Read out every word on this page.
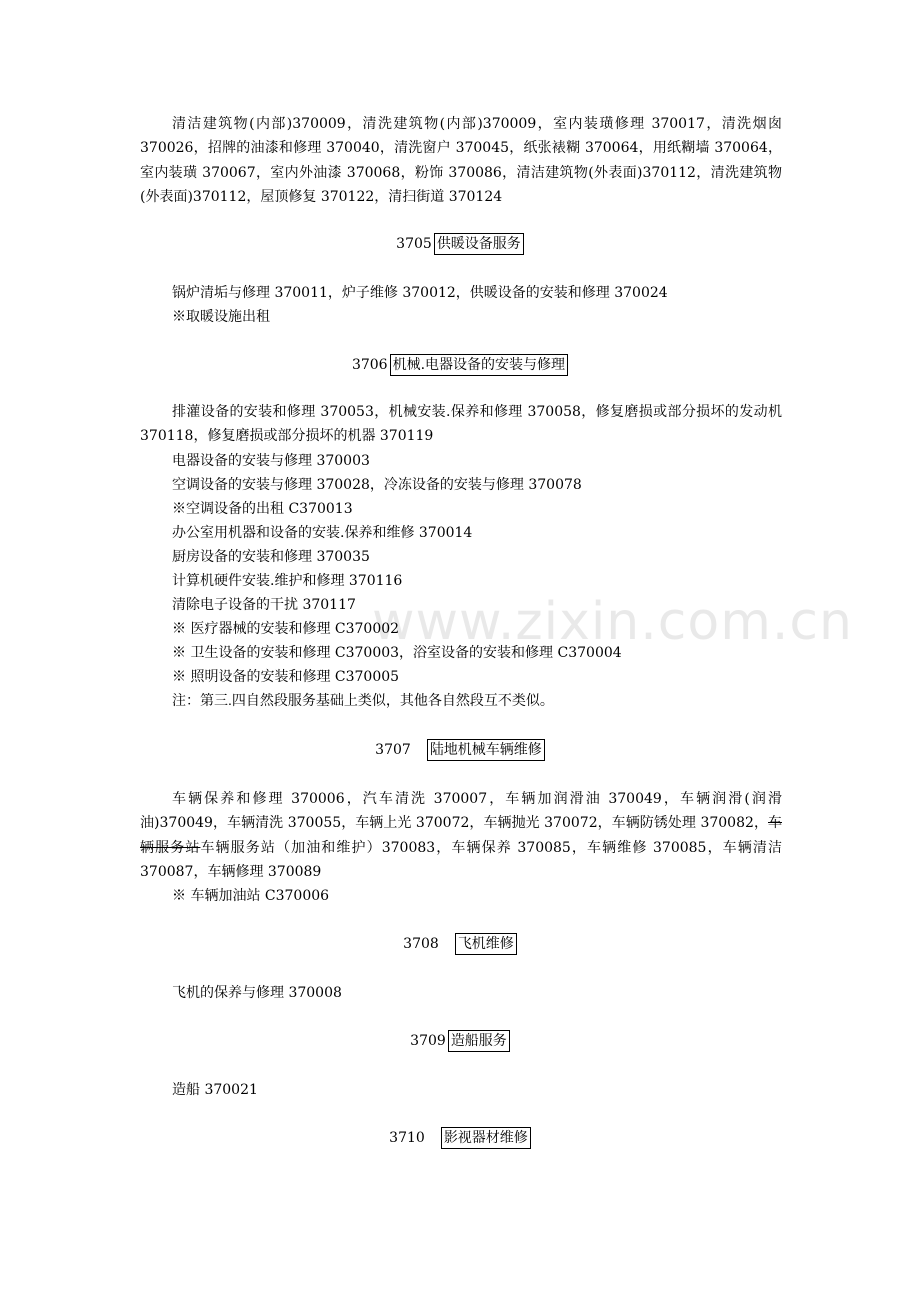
www.zixin.com.cn

清洁建筑物(内部)370009，清洗建筑物(内部)370009，室内装璜修理 370017，清洗烟囱 370026，招牌的油漆和修理 370040，清洗窗户 370045，纸张裱糊 370064，用纸糊墙 370064，室内装璜 370067，室内外油漆 370068，粉饰 370086，清洁建筑物(外表面)370112，清洗建筑物(外表面)370112，屋顶修复 370122，清扫街道 370124

3705 供暖设备服务

锅炉清垢与修理 370011，炉子维修 370012，供暖设备的安装和修理 370024

※取暖设施出租

3706 机械.电器设备的安装与修理

排灌设备的安装和修理 370053，机械安装.保养和修理 370058，修复磨损或部分损坏的发动机 370118，修复磨损或部分损坏的机器 370119

电器设备的安装与修理 370003

空调设备的安装与修理 370028，冷冻设备的安装与修理 370078

※空调设备的出租 C370013

办公室用机器和设备的安装.保养和维修 370014

厨房设备的安装和修理 370035

计算机硬件安装.维护和修理 370116

清除电子设备的干扰 370117

※ 医疗器械的安装和修理 C370002

※ 卫生设备的安装和修理 C370003，浴室设备的安装和修理 C370004

※ 照明设备的安装和修理 C370005

注：第三.四自然段服务基础上类似，其他各自然段互不类似。

3707 陆地机械车辆维修

车辆保养和修理 370006，汽车清洗 370007，车辆加润滑油 370049，车辆润滑(润滑油)370049，车辆清洗 370055，车辆上光 370072，车辆抛光 370072，车辆防锈处理 370082，车辆服务站车辆服务站（加油和维护）370083，车辆保养 370085，车辆维修 370085，车辆清洁 370087，车辆修理 370089

※ 车辆加油站 C370006

3708 飞机维修

飞机的保养与修理 370008

3709 造船服务

造船 370021

3710 影视器材维修
